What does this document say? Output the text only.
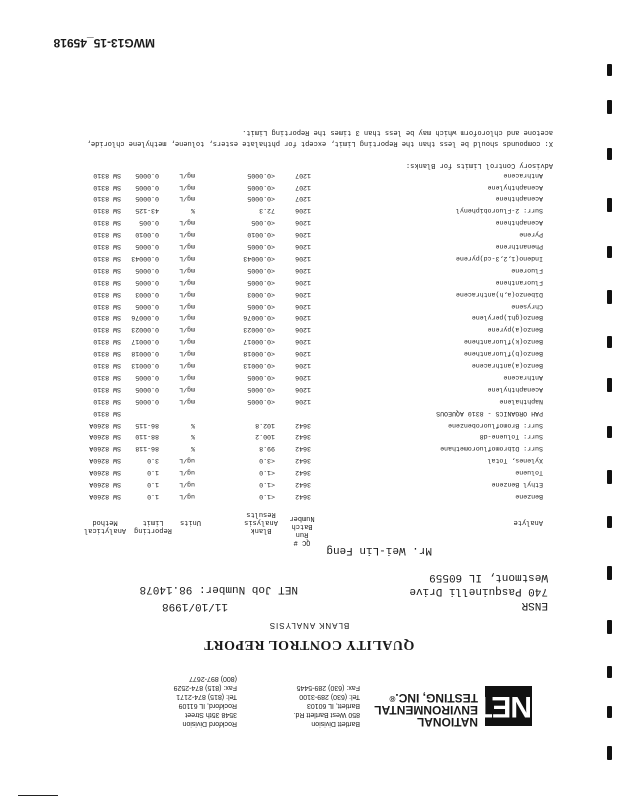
NET
NATIONAL
ENVIRONMENTAL
TESTING, INC.®
Bartlett Division
850 West Bartlett Rd.
Bartlett, IL 60103
Tel: (630) 289-3100
Fax: (630) 289-5445
Rockford Division
3548 35th Street
Rockford, IL 61109
Tel: (815) 874-2171
Fax: (815) 874-2529
(800) 897-2677
QUALITY CONTROL REPORT
BLANK ANALYSIS
ENSR
740 Pasquinelli Drive
Westmont, IL 60559
11/10/1998
NET Job Number: 98.14078
Mr. Wei-Lin Feng
Analyte
QC #
Run
Batch
Number
Blank
Analysis
Results
Units
Reporting
Limit
Analytical
Method
Benzene
3642
<1.0
ug/L
1.0
SW 8260A
Ethyl Benzene
3642
<1.0
ug/L
1.0
SW 8260A
Toluene
3642
<1.0
ug/L
1.0
SW 8260A
Xylenes, Total
3642
<3.0
ug/L
3.0
SW 8260A
Surr: Dibromofluoromethane
3642
99.8
%
86-118
SW 8260A
Surr: Toluene-d8
3642
100.2
%
88-110
SW 8260A
Surr: Bromofluorobenzene
3642
102.8
%
86-115
SW 8260A
PAH ORGANICS - 8310 AQUEOUS
SW 8310
Naphthalene
1206
<0.0005
mg/L
0.0005
SW 8310
Acenaphthylene
1206
<0.0005
mg/L
0.0005
SW 8310
Anthracene
1206
<0.0005
mg/L
0.0005
SW 8310
Benzo(a)anthracene
1206
<0.00013
mg/L
0.00013
SW 8310
Benzo(b)fluoranthene
1206
<0.00018
mg/L
0.00018
SW 8310
Benzo(k)fluoranthene
1206
<0.00017
mg/L
0.00017
SW 8310
Benzo(a)pyrene
1206
<0.00023
mg/L
0.00023
SW 8310
Benzo(ghi)perylene
1206
<0.00076
mg/L
0.00076
SW 8310
Chrysene
1206
<0.0005
mg/L
0.0005
SW 8310
Dibenzo(a,h)anthracene
1206
<0.0003
mg/L
0.0003
SW 8310
Fluoranthene
1206
<0.0005
mg/L
0.0005
SW 8310
Fluorene
1206
<0.0005
mg/L
0.0005
SW 8310
Indeno(1,2,3-cd)pyrene
1206
<0.00043
mg/L
0.00043
SW 8310
Phenanthrene
1206
<0.0005
mg/L
0.0005
SW 8310
Pyrene
1206
<0.0010
mg/L
0.0010
SW 8310
Acenaphthene
1206
<0.005
mg/L
0.005
SW 8310
Surr: 2-Fluorobiphenyl
1206
72.3
%
43-125
SW 8310
Acenaphthene
1207
<0.0005
mg/L
0.0005
SW 8310
Acenaphthylene
1207
<0.0005
mg/L
0.0005
SW 8310
Anthracene
1207
<0.0005
mg/L
0.0005
SW 8310
Advisory Control Limits for Blanks:

X: compounds should be less than the Reporting Limit, except for phthalate esters, toluene, methylene chloride,
acetone and chloroform which may be less than 3 times the Reporting Limit.
MWG13-15_45918
